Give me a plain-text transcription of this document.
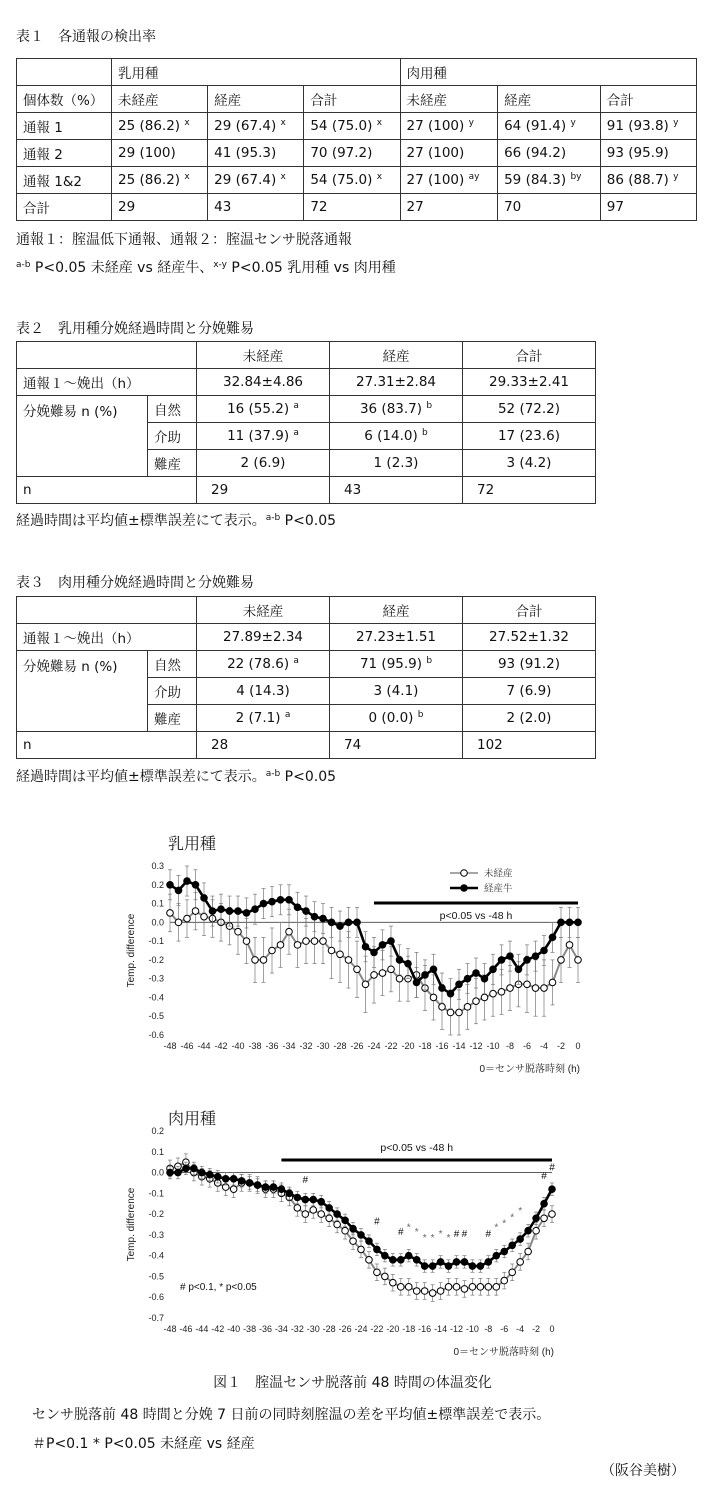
表１　各通報の検出率
	乳用種			肉用種		
個体数（%）	未経産	経産	合計	未経産	経産	合計
通報 1	25 (86.2) $^x$	29 (67.4) $^x$	54 (75.0) $^x$	27 (100) $^y$	64 (91.4) $^y$	91 (93.8) $^y$
通報 2	29 (100)	41 (95.3)	70 (97.2)	27 (100)	66 (94.2)	93 (95.9)
通報 1&2	25 (86.2) $^x$	29 (67.4) $^x$	54 (75.0) $^x$	27 (100) $^{ay}$	59 (84.3) $^{by}$	86 (88.7) $^y$
合計	29	43	72	27	70	97
通報１：腟温低下通報、通報２：腟温センサ脱落通報
$^{a-b}$ P<0.05 未経産 vs 経産牛、$^{x-y}$ P<0.05 乳用種 vs 肉用種
表２　乳用種分娩経過時間と分娩難易
		未経産	経産	合計
通報１～娩出（h）		32.84±4.86	27.31±2.84	29.33±2.41
分娩難易 n (%)	自然	16 (55.2) $^a$	36 (83.7) $^b$	52 (72.2)
	介助	11 (37.9) $^a$	6 (14.0) $^b$	17 (23.6)
	難産	2 (6.9)	1 (2.3)	3 (4.2)
n		29	43	72
経過時間は平均値±標準誤差にて表示。$^{a-b}$ P<0.05
表３　肉用種分娩経過時間と分娩難易
		未経産	経産	合計
通報１～娩出（h）		27.89±2.34	27.23±1.51	27.52±1.32
分娩難易 n (%)	自然	22 (78.6) $^a$	71 (95.9) $^b$	93 (91.2)
	介助	4 (14.3)	3 (4.1)	7 (6.9)
	難産	2 (7.1) $^a$	0 (0.0) $^b$	2 (2.0)
n		28	74	102
経過時間は平均値±標準誤差にて表示。$^{a-b}$ P<0.05
乳用種
0.3
0.2
0.1
0.0
-0.1
-0.2
-0.3
-0.4
-0.5
-0.6
-48 -46 -44 -42 -40 -38 -36 -34 -32 -30 -28 -26 -24 -22 -20 -18 -16 -14 -12 -10 -8 -6 -4 -2 0
0＝センサ脱落時刻 (h)
Temp. difference	p<0.05 vs -48 h
未経産
経産牛
肉用種
0.2
0.1
0.0
-0.1
-0.2
-0.3
-0.4
-0.5
-0.6
-0.7
-48 -46 -44 -42 -40 -38 -36 -34 -32 -30 -28 -26 -24 -22 -20 -18 -16 -14 -12 -10 -8 -6 -4 -2 0
0＝センサ脱落時刻 (h)
Temp. difference
p<0.05 vs -48 h
#
#
# * *
* * * * # # #
* *
*
*
#
#
# p<0.1, * p<0.05
図１　腟温センサ脱落前 48 時間の体温変化
センサ脱落前 48 時間と分娩 7 日前の同時刻腟温の差を平均値±標準誤差で表示。
＃P<0.1 * P<0.05 未経産 vs 経産
（阪谷美樹）
